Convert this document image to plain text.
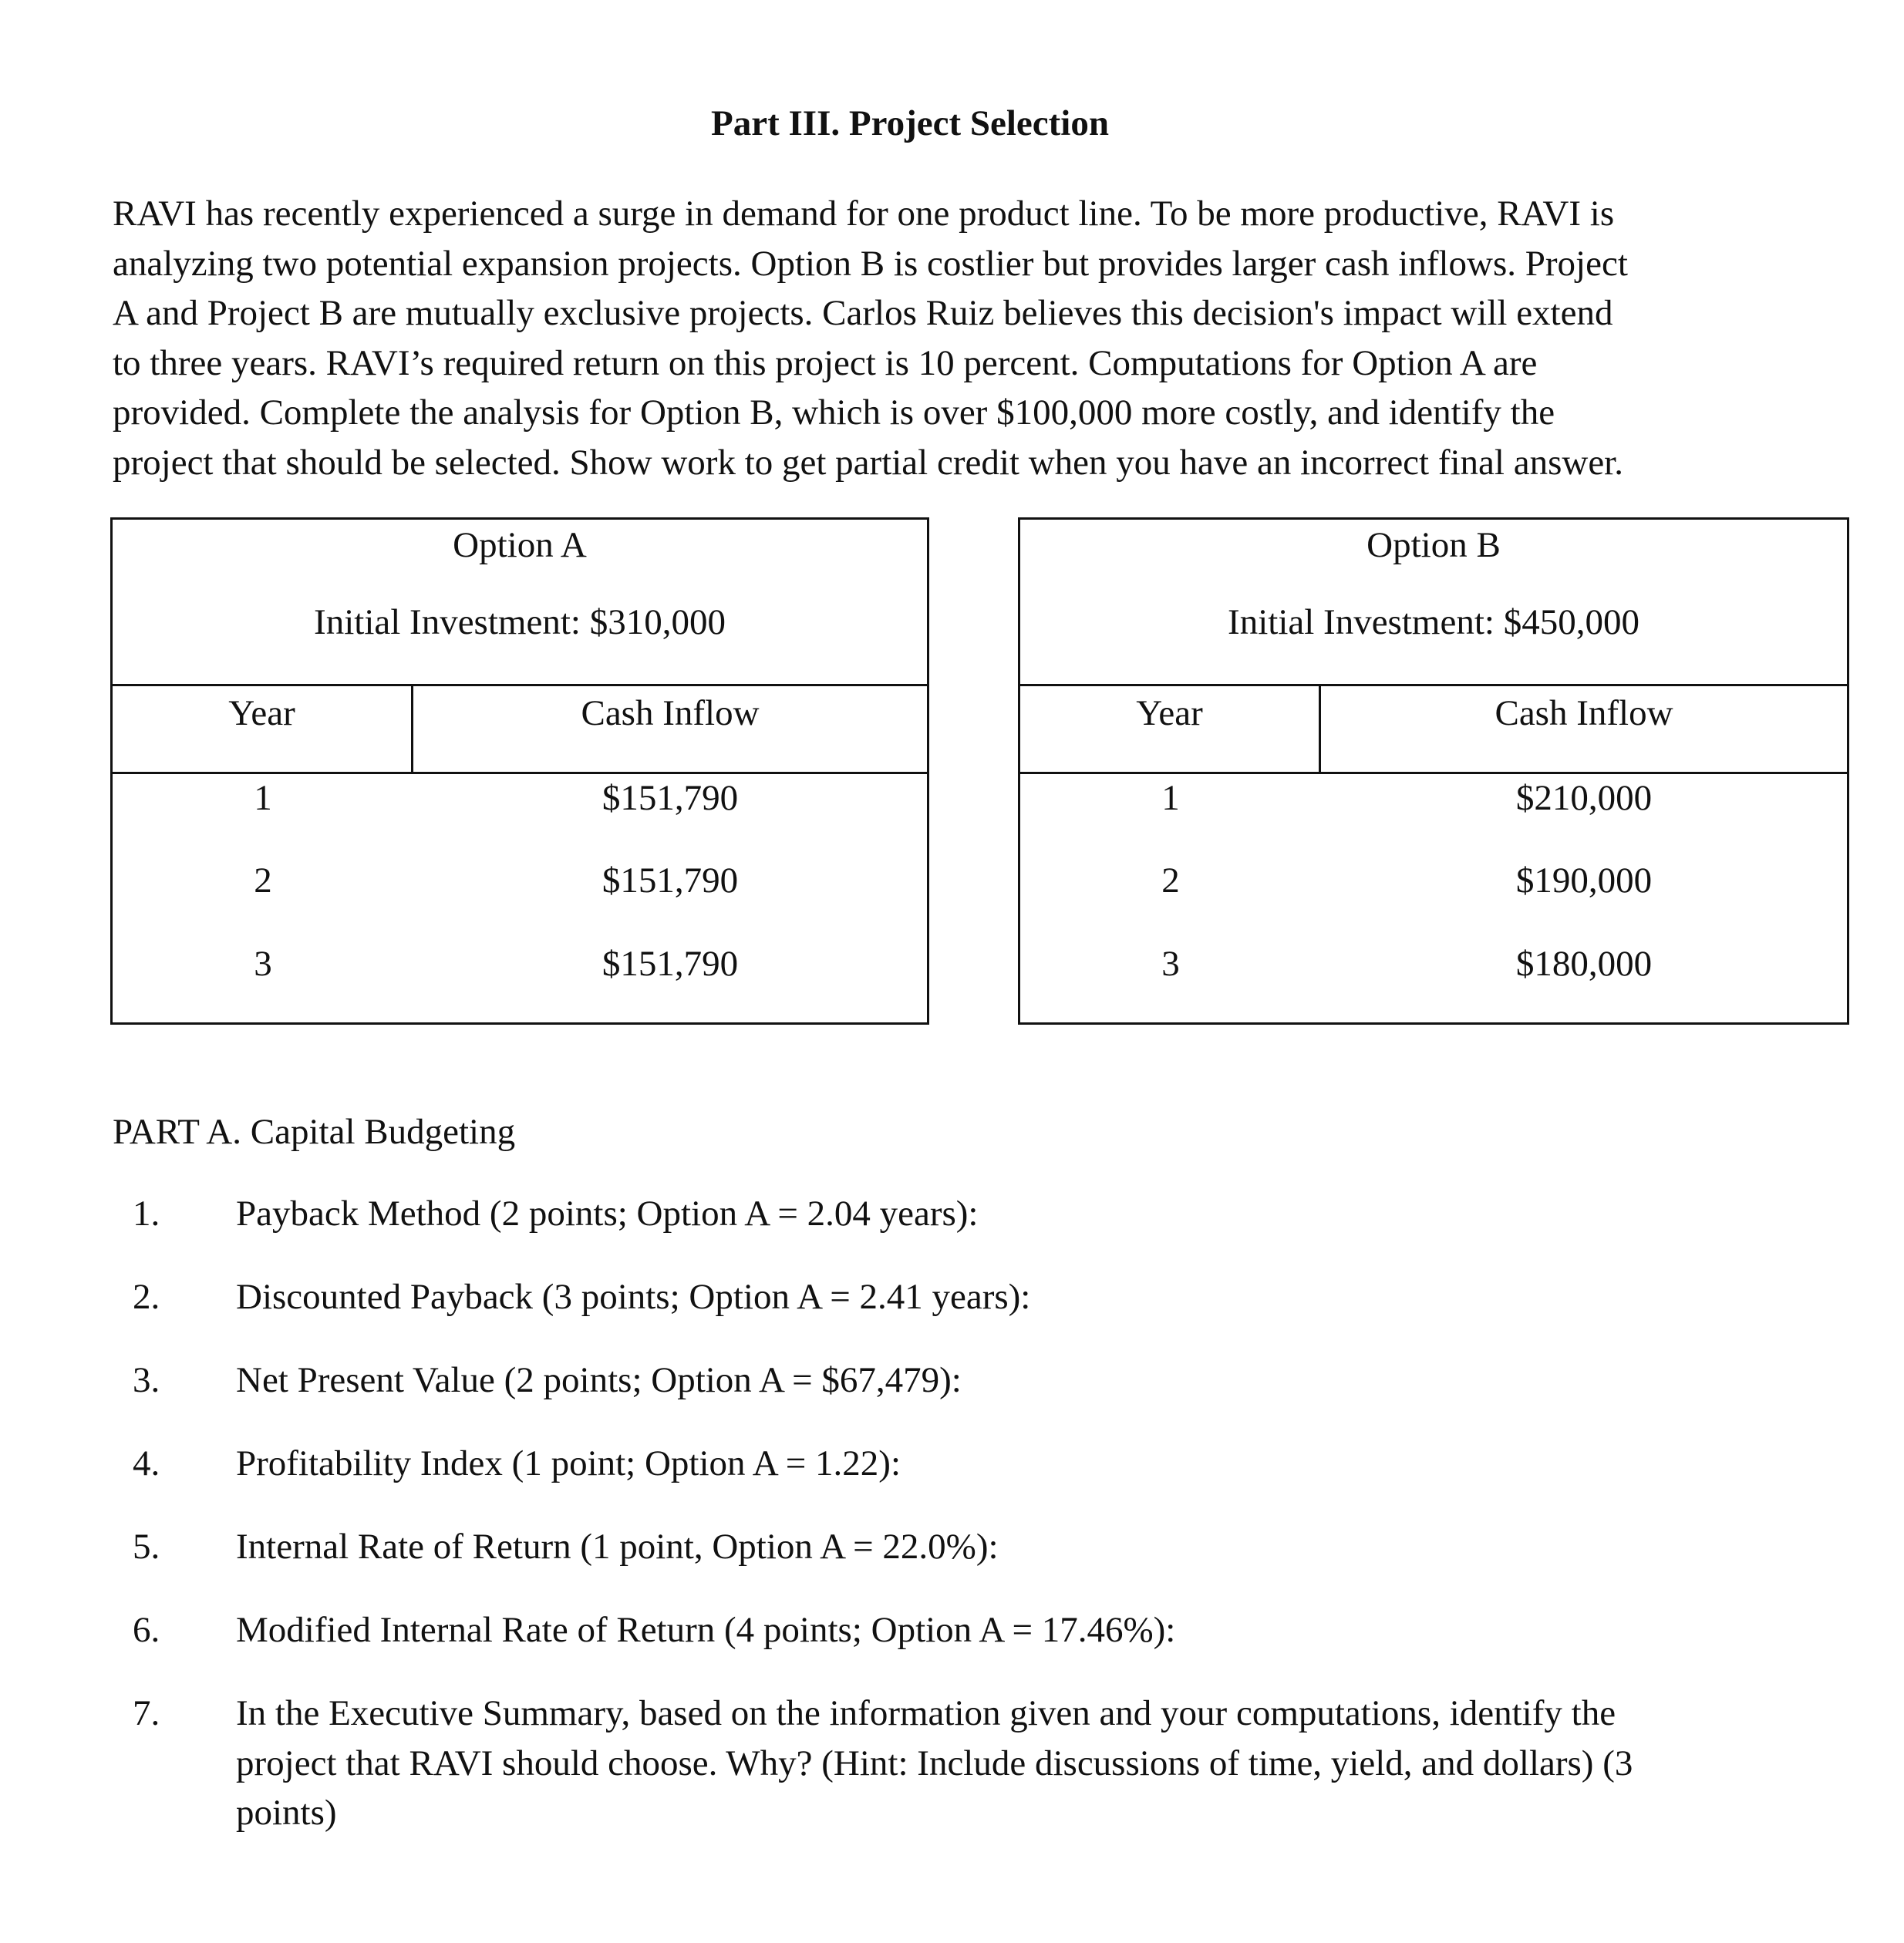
Part III. Project Selection

RAVI has recently experienced a surge in demand for one product line. To be more productive, RAVI is
analyzing two potential expansion projects. Option B is costlier but provides larger cash inflows. Project
A and Project B are mutually exclusive projects. Carlos Ruiz believes this decision's impact will extend
to three years. RAVI’s required return on this project is 10 percent. Computations for Option A are
provided. Complete the analysis for Option B, which is over $100,000 more costly, and identify the
project that should be selected. Show work to get partial credit when you have an incorrect final answer.

Option A
Initial Investment: $310,000
Year	Cash Inflow
1	$151,790
2	$151,790
3	$151,790
Option B
Initial Investment: $450,000
Year	Cash Inflow
1	$210,000
2	$190,000
3	$180,000
PART A. Capital Budgeting
1. Payback Method (2 points; Option A = 2.04 years):
2. Discounted Payback (3 points; Option A = 2.41 years):
3. Net Present Value (2 points; Option A = $67,479):
4. Profitability Index (1 point; Option A = 1.22):
5. Internal Rate of Return (1 point, Option A = 22.0%):
6. Modified Internal Rate of Return (4 points; Option A = 17.46%):
7. In the Executive Summary, based on the information given and your computations, identify the
project that RAVI should choose. Why? (Hint: Include discussions of time, yield, and dollars) (3
points)
